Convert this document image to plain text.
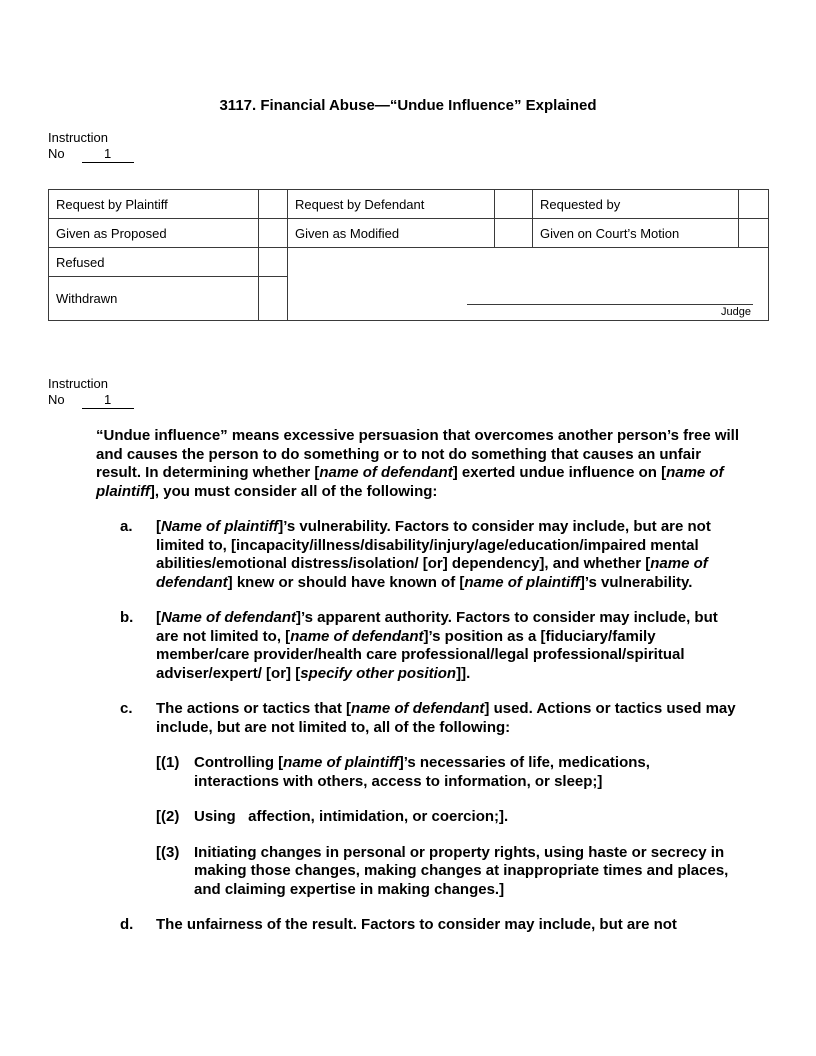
3117. Financial Abuse—“Undue Influence” Explained
Instruction
No	1
Request by Plaintiff		Request by Defendant		Requested by	
Given as Proposed		Given as Modified		Given on Court’s Motion	
Refused		Judge			

Withdrawn					
Instruction
No	1

“Undue influence” means excessive persuasion that overcomes another person’s free will and causes the person to do something or to not do something that causes an unfair result. In determining whether [name of defendant] exerted undue influence on [name of plaintiff], you must consider all of the following:

a.	[Name of plaintiff]’s vulnerability. Factors to consider may include, but are not limited to, [incapacity/illness/disability/injury/age/education/impaired mental abilities/emotional distress/isolation/ [or] dependency], and whether [name of defendant] knew or should have known of [name of plaintiff]’s vulnerability.
b.	[Name of defendant]’s apparent authority. Factors to consider may include, but are not limited to, [name of defendant]’s position as a [fiduciary/family member/care provider/health care professional/legal professional/spiritual adviser/expert/ [or] [specify other position]].
c.	The actions or tactics that [name of defendant] used. Actions or tactics used may include, but are not limited to, all of the following:

[(1) Controlling [name of plaintiff]’s necessaries of life, medications, interactions with others, access to information, or sleep;]
[(2) Using   affection, intimidation, or coercion;].
[(3) Initiating changes in personal or property rights, using haste or secrecy in making those changes, making changes at inappropriate times and places, and claiming expertise in making changes.]
d.	The unfairness of the result. Factors to consider may include, but are not
